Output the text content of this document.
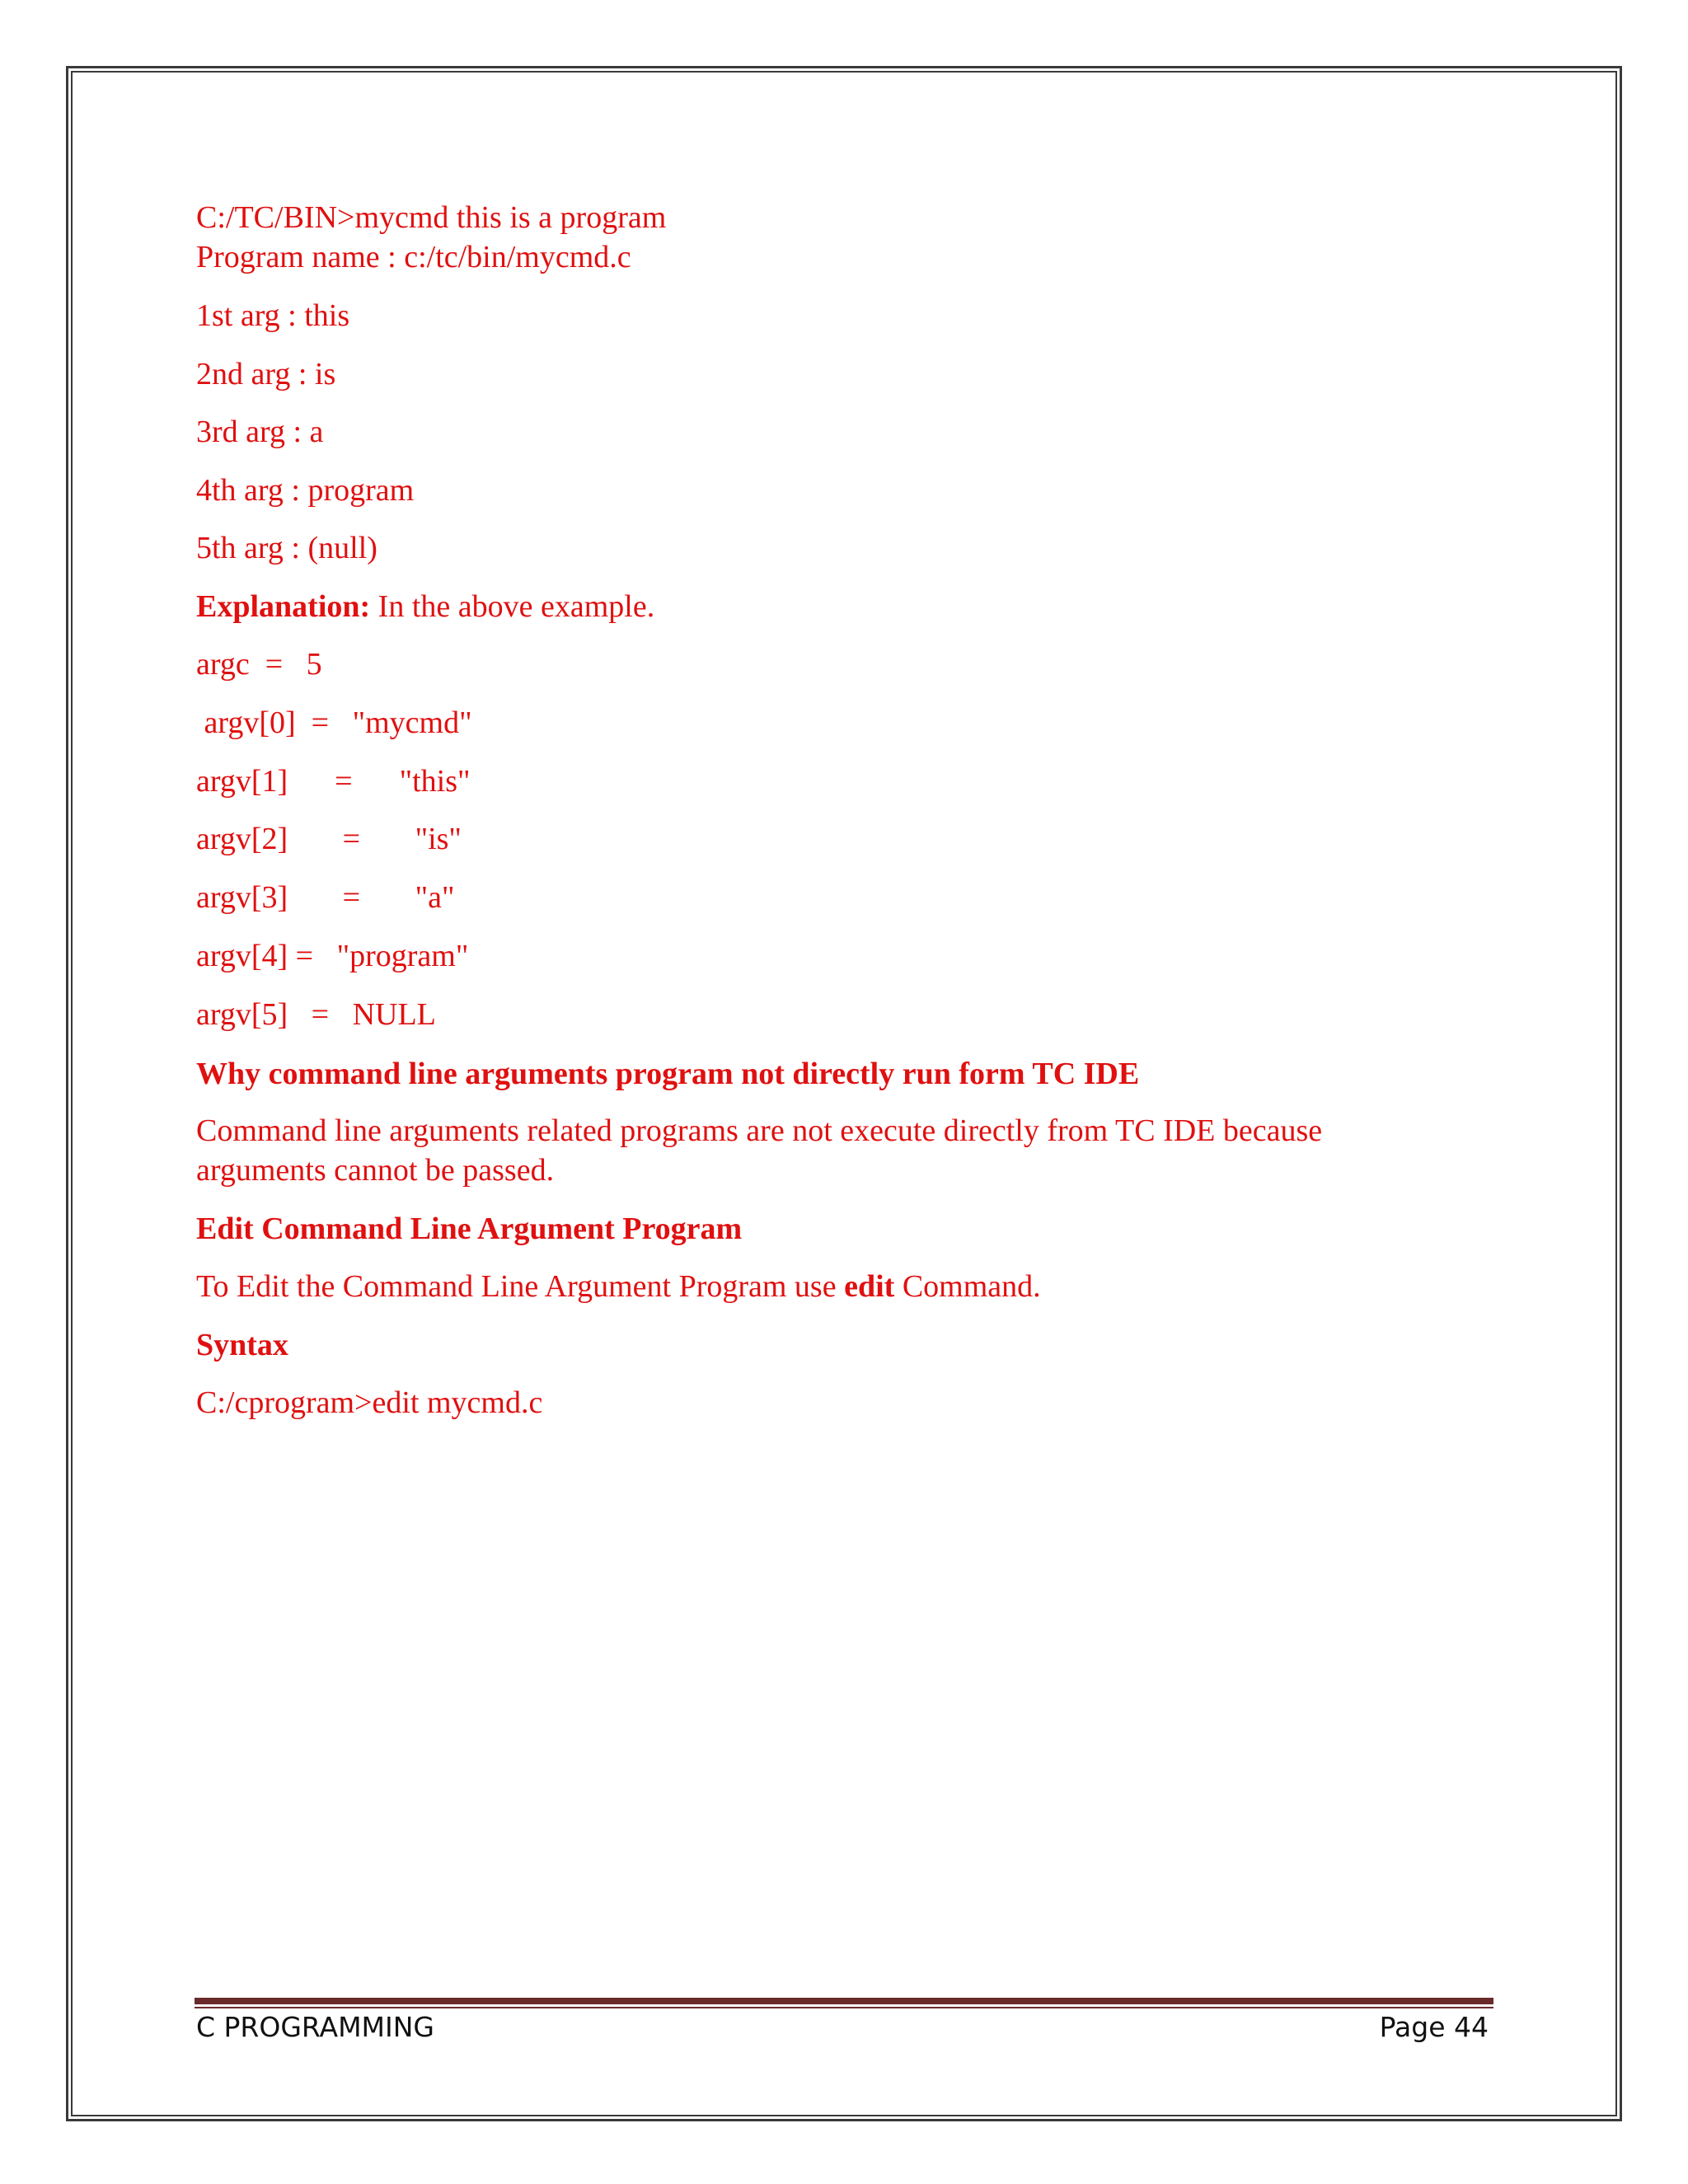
C:/TC/BIN>mycmd this is a program

Program name : c:/tc/bin/mycmd.c

1st arg : this

2nd arg : is

3rd arg : a

4th arg : program

5th arg : (null)

Explanation: In the above example.

argc  =   5

argv[0]  =   "mycmd"

argv[1]      =      "this"

argv[2]       =       "is"

argv[3]       =       "a"

argv[4] =   "program"

argv[5]   =   NULL

Why command line arguments program not directly run form TC IDE

Command line arguments related programs are not execute directly from TC IDE because

arguments cannot be passed.

Edit Command Line Argument Program

To Edit the Command Line Argument Program use edit Command.

Syntax

C:/cprogram>edit mycmd.c

C PROGRAMMING	Page 44
